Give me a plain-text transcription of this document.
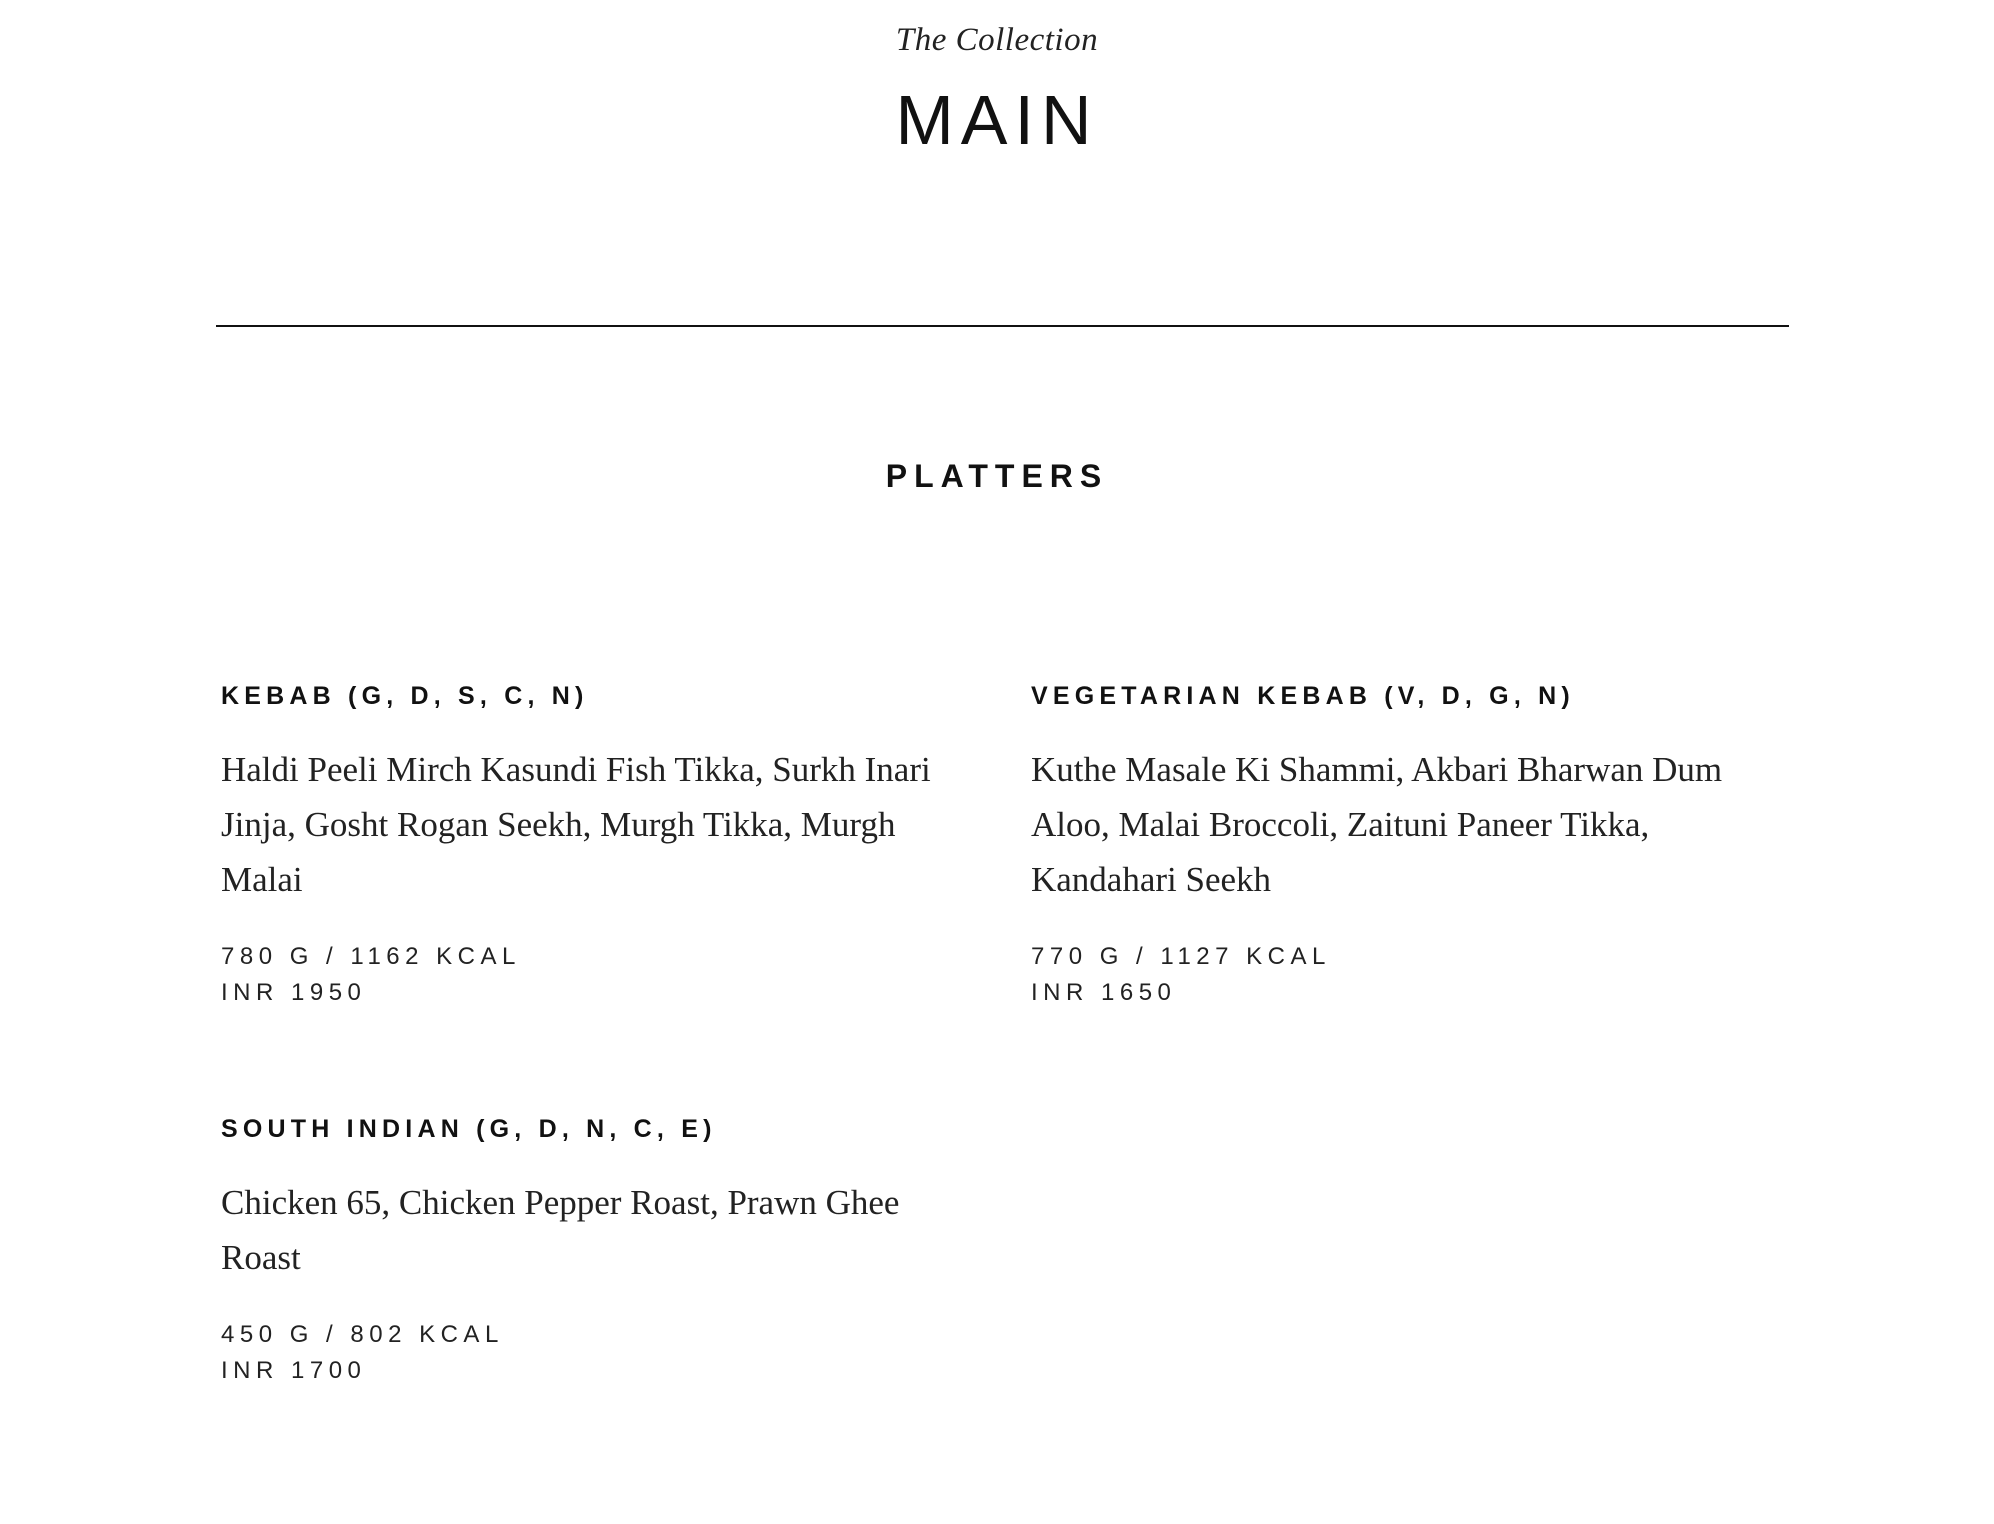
The Collection
MAIN
PLATTERS
KEBAB (G, D, S, C, N)
Haldi Peeli Mirch Kasundi Fish Tikka, Surkh Inari Jinja, Gosht Rogan Seekh, Murgh Tikka, Murgh Malai
780 G / 1162 KCAL
INR 1950
VEGETARIAN KEBAB (V, D, G, N)
Kuthe Masale Ki Shammi, Akbari Bharwan Dum Aloo, Malai Broccoli, Zaituni Paneer Tikka, Kandahari Seekh
770 G / 1127 KCAL
INR 1650
SOUTH INDIAN (G, D, N, C, E)
Chicken 65, Chicken Pepper Roast, Prawn Ghee Roast
450 G / 802 KCAL
INR 1700
